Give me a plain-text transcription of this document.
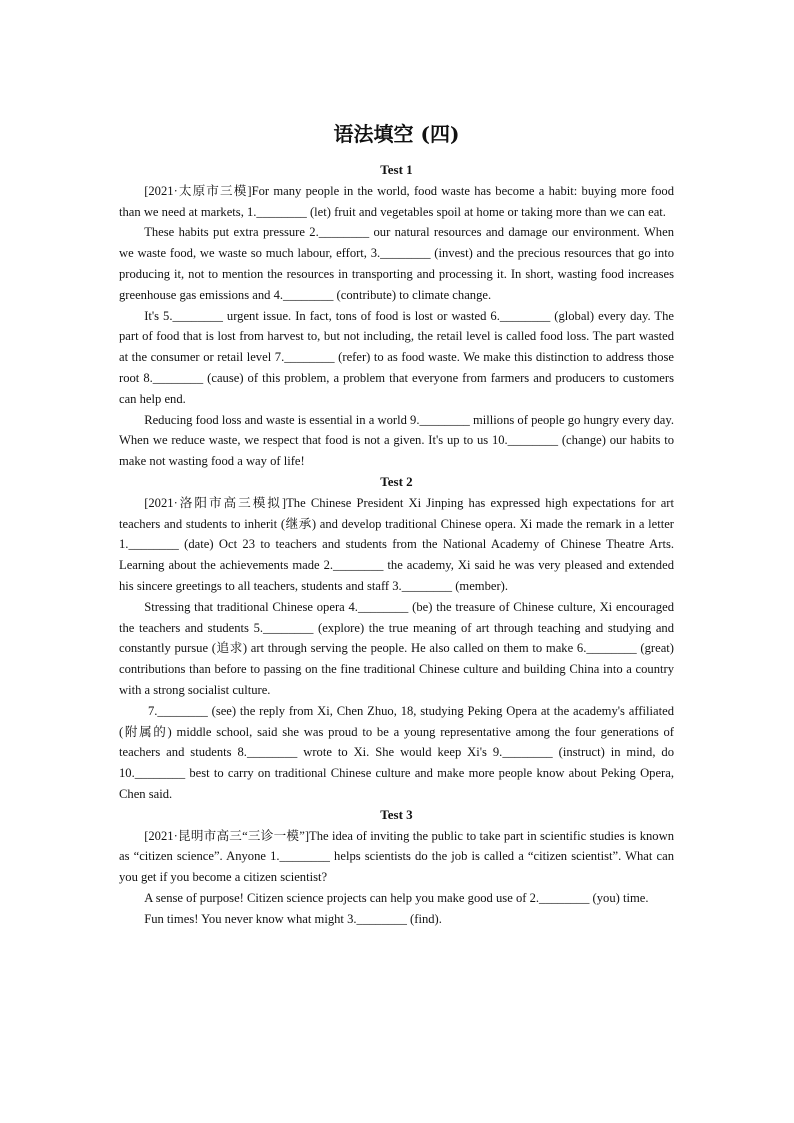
语法填空 (四)
Test 1

[2021·太原市三模]For many people in the world, food waste has become a habit: buying more food than we need at markets, 1.________ (let) fruit and vegetables spoil at home or taking more than we can eat.

These habits put extra pressure 2.________ our natural resources and damage our environment. When we waste food, we waste so much labour, effort, 3.________ (invest) and the precious resources that go into producing it, not to mention the resources in transporting and processing it. In short, wasting food increases greenhouse gas emissions and 4.________ (contribute) to climate change.

It's 5.________ urgent issue. In fact, tons of food is lost or wasted 6.________ (global) every day. The part of food that is lost from harvest to, but not including, the retail level is called food loss. The part wasted at the consumer or retail level 7.________ (refer) to as food waste. We make this distinction to address those root 8.________ (cause) of this problem, a problem that everyone from farmers and producers to customers can help end.

Reducing food loss and waste is essential in a world 9.________ millions of people go hungry every day. When we reduce waste, we respect that food is not a given. It's up to us 10.________ (change) our habits to make not wasting food a way of life!

Test 2

[2021·洛阳市高三模拟]The Chinese President Xi Jinping has expressed high expectations for art teachers and students to inherit (继承) and develop traditional Chinese opera. Xi made the remark in a letter 1.________ (date) Oct 23 to teachers and students from the National Academy of Chinese Theatre Arts. Learning about the achievements made 2.________ the academy, Xi said he was very pleased and extended his sincere greetings to all teachers, students and staff 3.________ (member).

Stressing that traditional Chinese opera 4.________ (be) the treasure of Chinese culture, Xi encouraged the teachers and students 5.________ (explore) the true meaning of art through teaching and studying and constantly pursue (追求) art through serving the people. He also called on them to make 6.________ (great) contributions than before to passing on the fine traditional Chinese culture and building China into a country with a strong socialist culture.

7.________ (see) the reply from Xi, Chen Zhuo, 18, studying Peking Opera at the academy's affiliated (附属的) middle school, said she was proud to be a young representative among the four generations of teachers and students 8.________ wrote to Xi. She would keep Xi's 9.________ (instruct) in mind, do 10.________ best to carry on traditional Chinese culture and make more people know about Peking Opera, Chen said.

Test 3

[2021·昆明市高三“三诊一模”]The idea of inviting the public to take part in scientific studies is known as “citizen science”. Anyone 1.________ helps scientists do the job is called a “citizen scientist”. What can you get if you become a citizen scientist?

A sense of purpose! Citizen science projects can help you make good use of 2.________ (you) time.

Fun times! You never know what might 3.________ (find).
